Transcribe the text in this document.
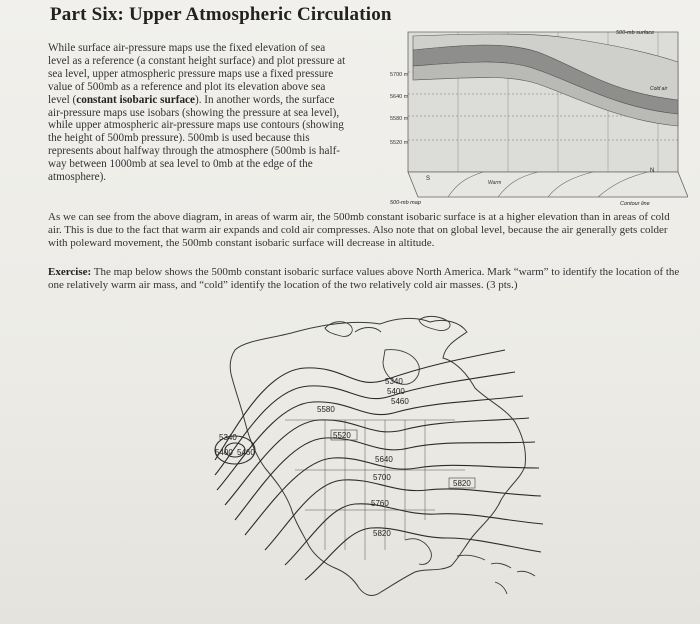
Part Six: Upper Atmospheric Circulation
While surface air-pressure maps use the fixed elevation of sea level as a reference (a constant height surface) and plot pressure at sea level, upper atmospheric pressure maps use a fixed pressure value of 500mb as a reference and plot its elevation above sea level (constant isobaric surface). In another words, the surface air-pressure maps use isobars (showing the pressure at sea level), while upper atmospheric air-pressure maps use contours (showing the height of 500mb pressure). 500mb is used because this represents about halfway through the atmosphere (500mb is half-way between 1000mb at sea level to 0mb at the edge of the atmosphere).
5700 m
5640 m
5580 m
5520 m
500-mb surface
Cold air
Warm
S
N
500-mb map	Contour line
As we can see from the above diagram, in areas of warm air, the 500mb constant isobaric surface is at a higher elevation than in areas of cold air. This is due to the fact that warm air expands and cold air compresses. Also note that on global level, because the air generally gets colder with poleward movement, the 500mb constant isobaric surface will decrease in altitude.
Exercise: The map below shows the 500mb constant isobaric surface values above North America. Mark “warm” to identify the location of the one relatively warm air mass, and “cold” identify the location of the two relatively cold air masses. (3 pts.)
5340
5400 5460
5580
5520
5640
5700
5760
5820
5340
5400
5460
5820
